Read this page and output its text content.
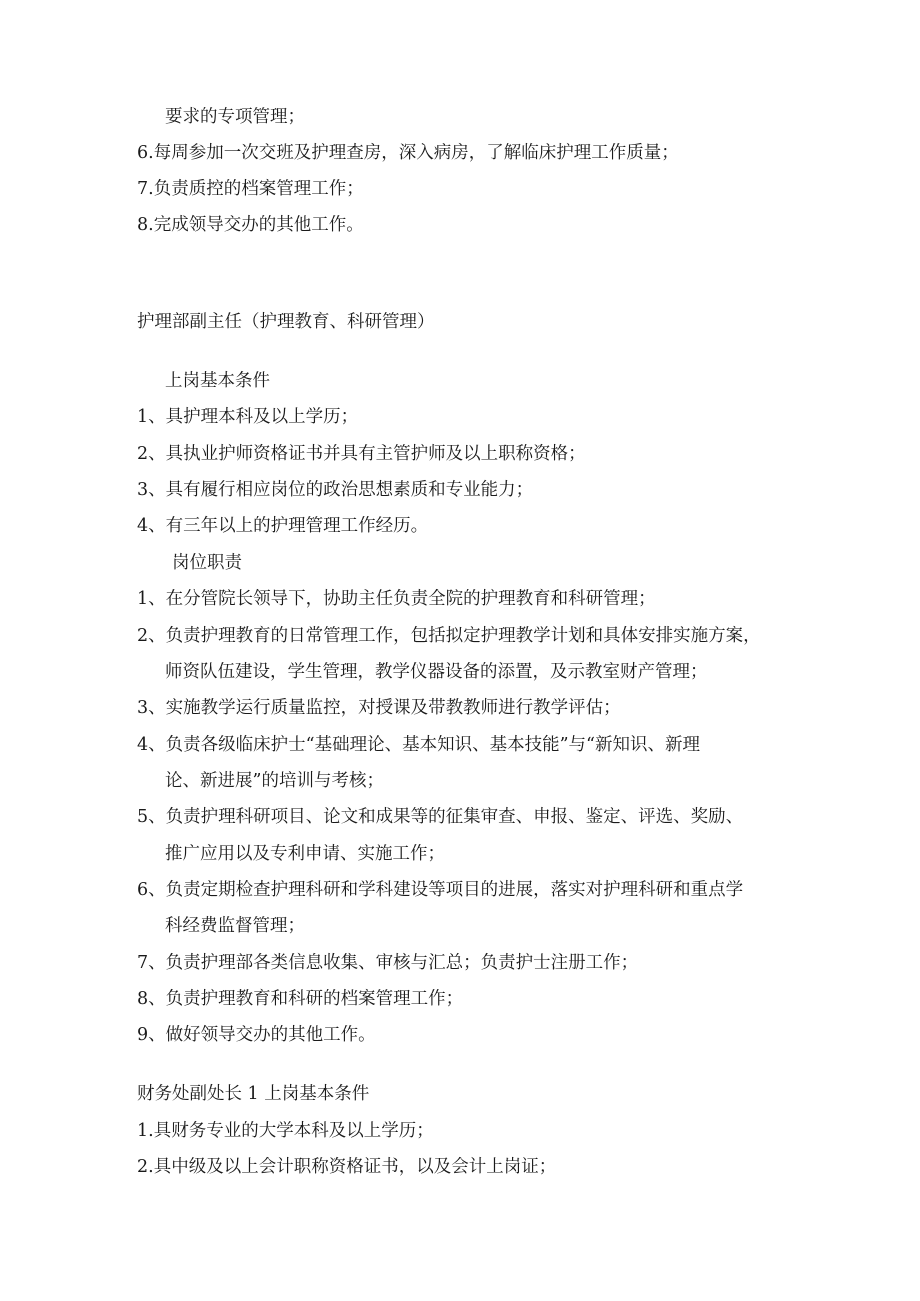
要求的专项管理；
6.每周参加一次交班及护理查房，深入病房，了解临床护理工作质量；
7.负责质控的档案管理工作；
8.完成领导交办的其他工作。
护理部副主任（护理教育、科研管理）
上岗基本条件
1、具护理本科及以上学历；
2、具执业护师资格证书并具有主管护师及以上职称资格；
3、具有履行相应岗位的政治思想素质和专业能力；
4、有三年以上的护理管理工作经历。
岗位职责
1、在分管院长领导下，协助主任负责全院的护理教育和科研管理；
2、负责护理教育的日常管理工作，包括拟定护理教学计划和具体安排实施方案，
师资队伍建设，学生管理，教学仪器设备的添置，及示教室财产管理；
3、实施教学运行质量监控，对授课及带教教师进行教学评估；
4、负责各级临床护士“基础理论、基本知识、基本技能”与“新知识、新理
论、新进展”的培训与考核；
5、负责护理科研项目、论文和成果等的征集审查、申报、鉴定、评选、奖励、
推广应用以及专利申请、实施工作；
6、负责定期检查护理科研和学科建设等项目的进展，落实对护理科研和重点学
科经费监督管理；
7、负责护理部各类信息收集、审核与汇总；负责护士注册工作；
8、负责护理教育和科研的档案管理工作；
9、做好领导交办的其他工作。
财务处副处长 1 上岗基本条件
1.具财务专业的大学本科及以上学历；
2.具中级及以上会计职称资格证书，以及会计上岗证；
